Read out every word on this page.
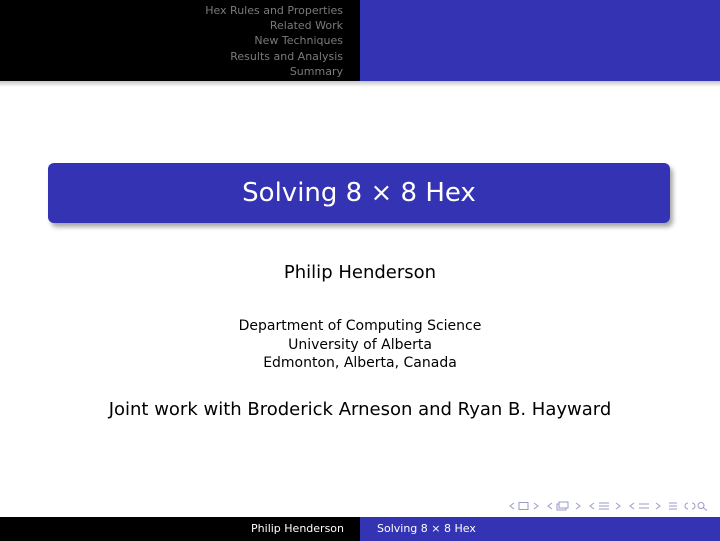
Hex Rules and Properties
Related Work
New Techniques
Results and Analysis
Summary
Solving 8 × 8 Hex
Philip Henderson
Department of Computing Science
University of Alberta
Edmonton, Alberta, Canada
Joint work with Broderick Arneson and Ryan B. Hayward
Philip Henderson	Solving 8 × 8 Hex
